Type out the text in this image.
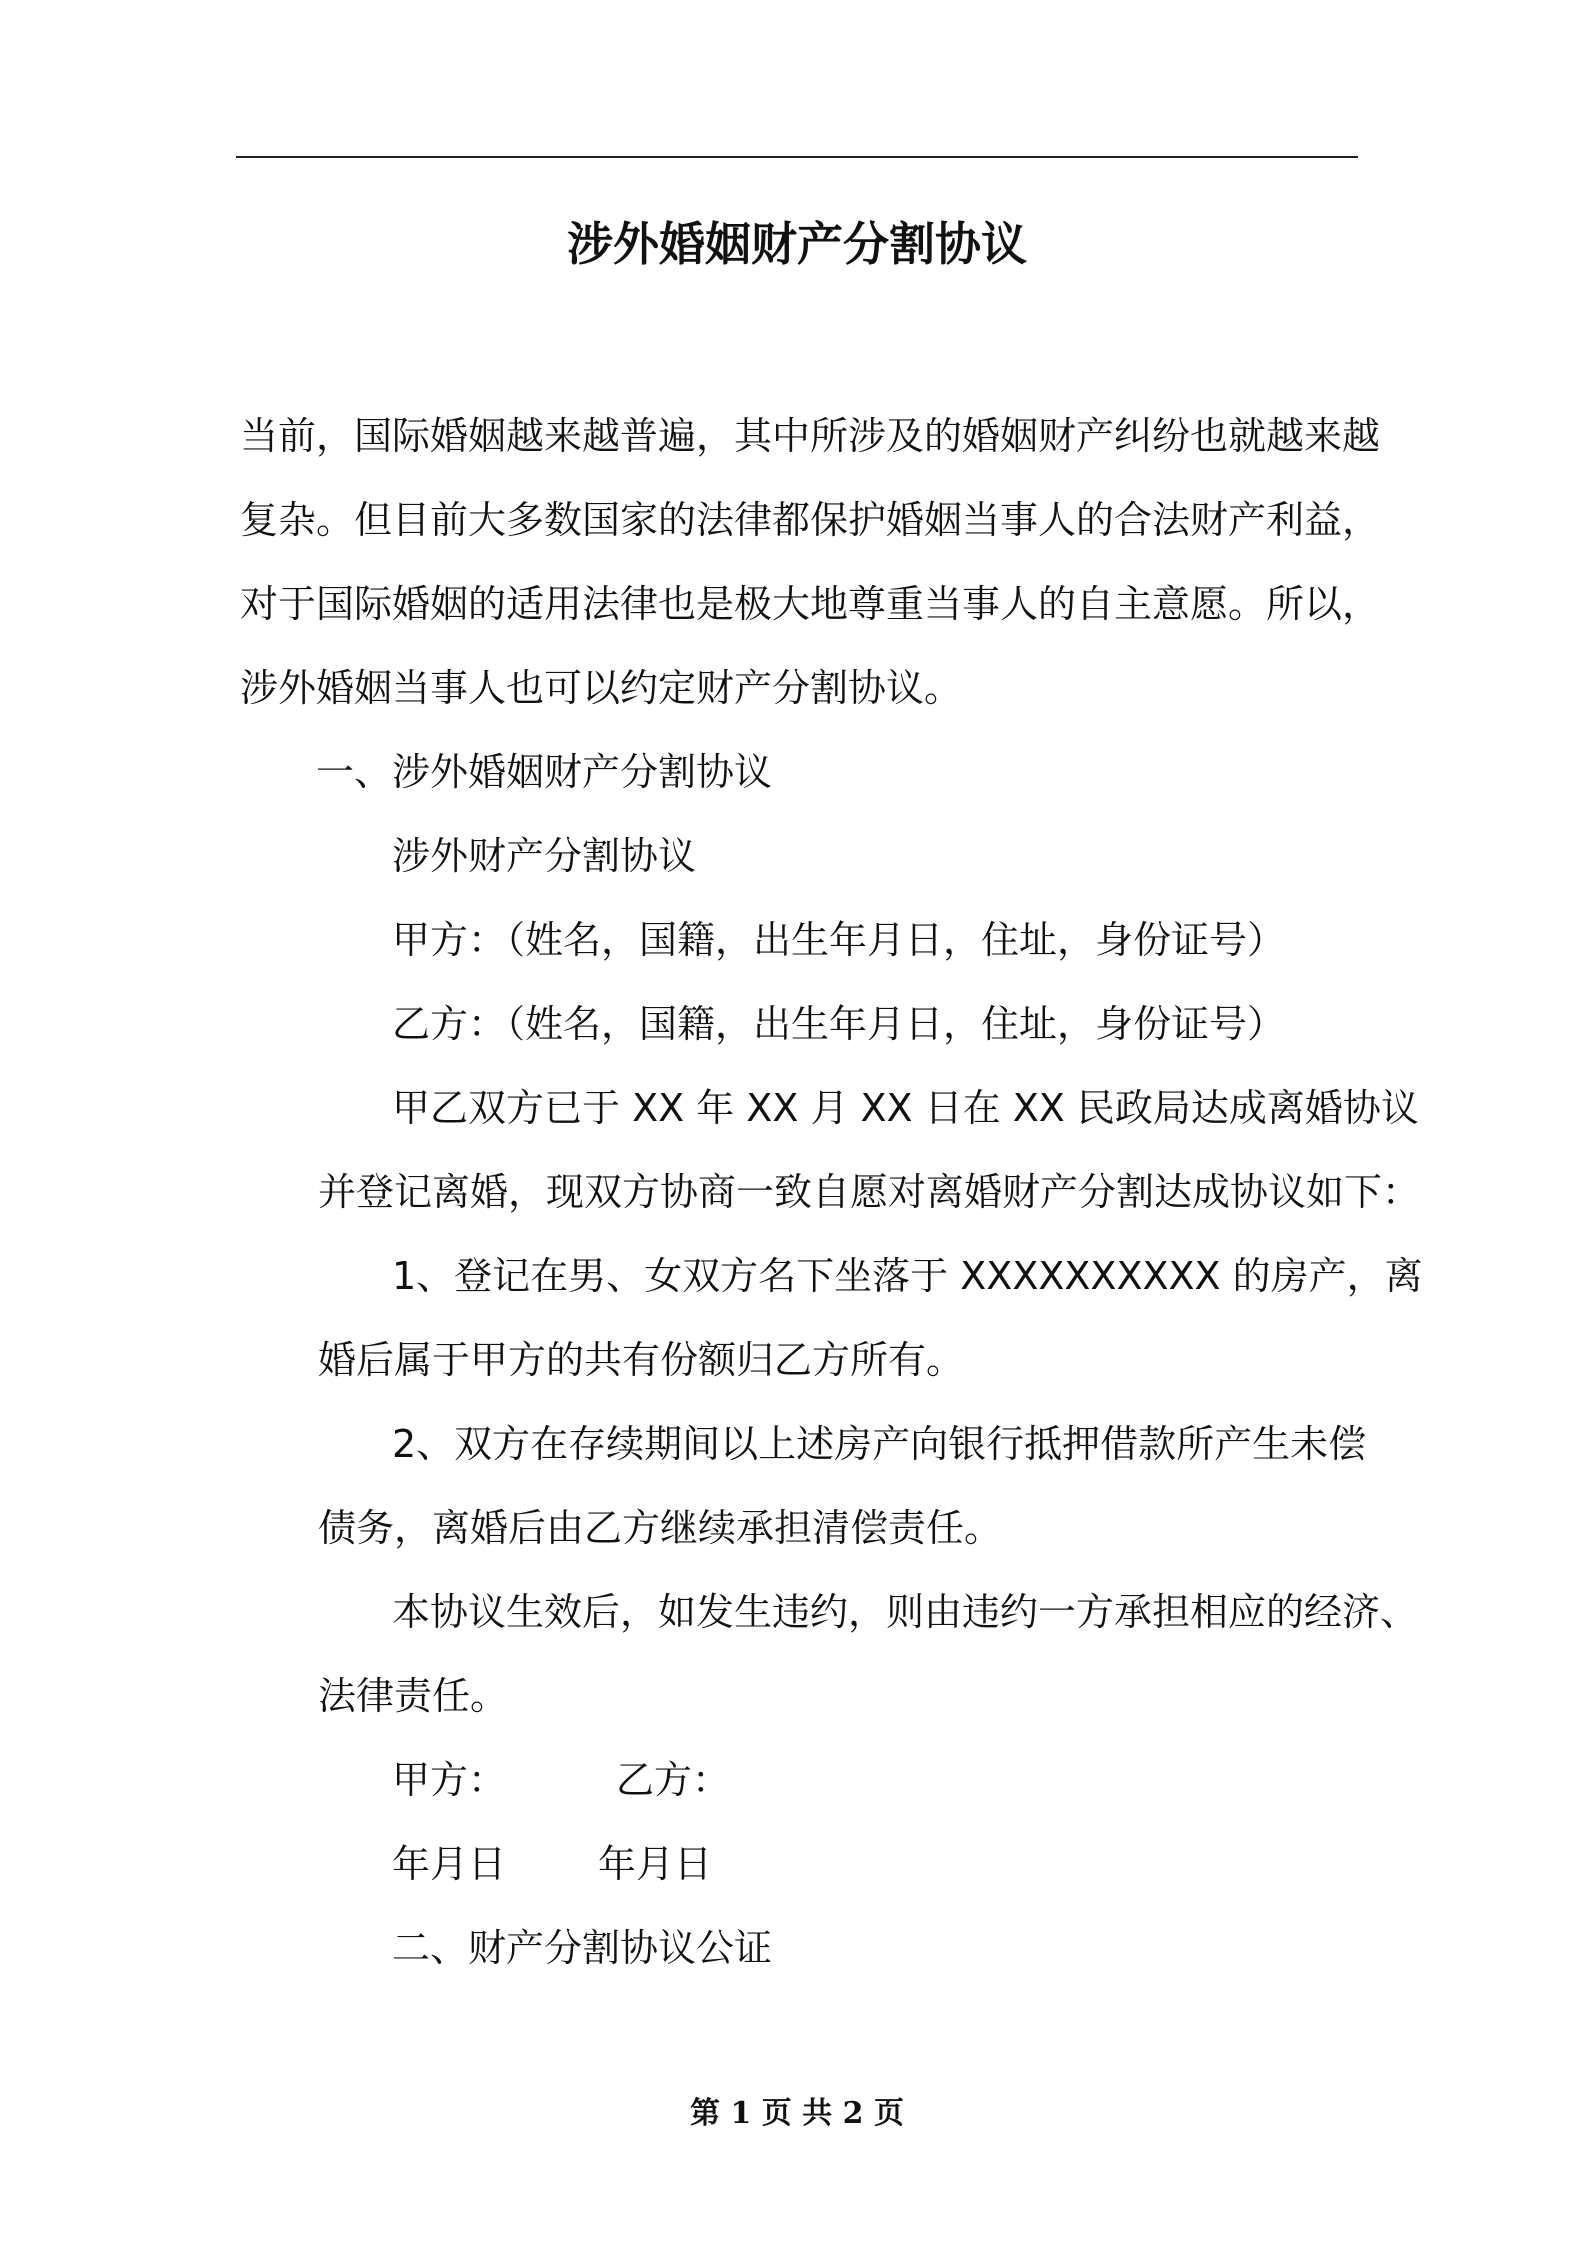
涉外婚姻财产分割协议
当前，国际婚姻越来越普遍，其中所涉及的婚姻财产纠纷也就越来越
复杂。但目前大多数国家的法律都保护婚姻当事人的合法财产利益，
对于国际婚姻的适用法律也是极大地尊重当事人的自主意愿。所以，
涉外婚姻当事人也可以约定财产分割协议。
一、涉外婚姻财产分割协议
涉外财产分割协议
甲方：（姓名，国籍，出生年月日，住址，身份证号）
乙方：（姓名，国籍，出生年月日，住址，身份证号）
甲乙双方已于 XX 年 XX 月 XX 日在 XX 民政局达成离婚协议
并登记离婚，现双方协商一致自愿对离婚财产分割达成协议如下：
1、登记在男、女双方名下坐落于 XXXXXXXXXX 的房产，离
婚后属于甲方的共有份额归乙方所有。
2、双方在存续期间以上述房产向银行抵押借款所产生未偿
债务，离婚后由乙方继续承担清偿责任。
本协议生效后，如发生违约，则由违约一方承担相应的经济、
法律责任。
甲方：	乙方：
年月日 年月日
二、财产分割协议公证
第 1 页 共 2 页
